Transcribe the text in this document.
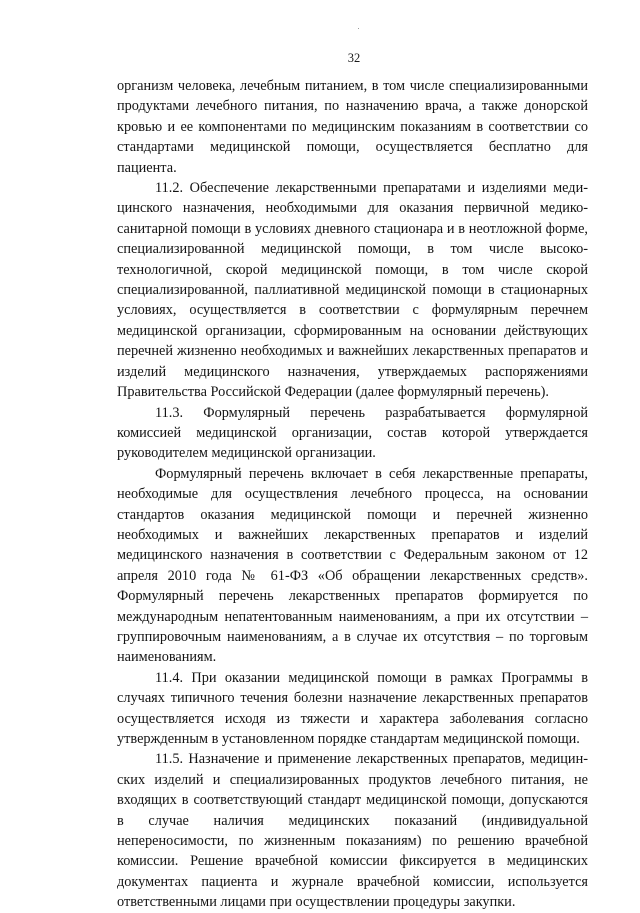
32

организм человека, лечебным питанием, в том числе специализированными продуктами лечебного питания, по назначению врача, а также донорской кровью и ее компонентами по медицинским показаниям в соответствии со стандартами медицинской помощи, осуществляется бесплатно для пациента.

11.2. Обеспечение лекарственными препаратами и изделиями медицинского назначения, необходимыми для оказания первичной медико-санитарной помощи в условиях дневного стационара и в неотложной форме, специализированной медицинской помощи, в том числе высокотехнологичной, скорой медицинской помощи, в том числе скорой специализированной, паллиативной медицинской помощи в стационарных условиях, осуществляется в соответствии с формулярным перечнем медицинской организации, сформированным на основании действующих перечней жизненно необходимых и важнейших лекарственных препаратов и изделий медицинского назначения, утверждаемых распоряжениями Правительства Российской Федерации (далее формулярный перечень).

11.3. Формулярный перечень разрабатывается формулярной комиссией медицинской организации, состав которой утверждается руководителем медицинской организации.

Формулярный перечень включает в себя лекарственные препараты, необходимые для осуществления лечебного процесса, на основании стандартов оказания медицинской помощи и перечней жизненно необходимых и важнейших лекарственных препаратов и изделий медицинского назначения в соответствии с Федеральным законом от 12 апреля 2010 года № 61-ФЗ «Об обращении лекарственных средств». Формулярный перечень лекарственных препаратов формируется по международным непатентованным наименованиям, а при их отсутствии – группировочным наименованиям, а в случае их отсутствия – по торговым наименованиям.

11.4. При оказании медицинской помощи в рамках Программы в случаях типичного течения болезни назначение лекарственных препаратов осуществляется исходя из тяжести и характера заболевания согласно утвержденным в установленном порядке стандартам медицинской помощи.

11.5. Назначение и применение лекарственных препаратов, медицинских изделий и специализированных продуктов лечебного питания, не входящих в соответствующий стандарт медицинской помощи, допускаются в случае наличия медицинских показаний (индивидуальной непереносимости, по жизненным показаниям) по решению врачебной комиссии. Решение врачебной комиссии фиксируется в медицинских документах пациента и журнале врачебной комиссии, используется ответственными лицами при осуществлении процедуры закупки.
